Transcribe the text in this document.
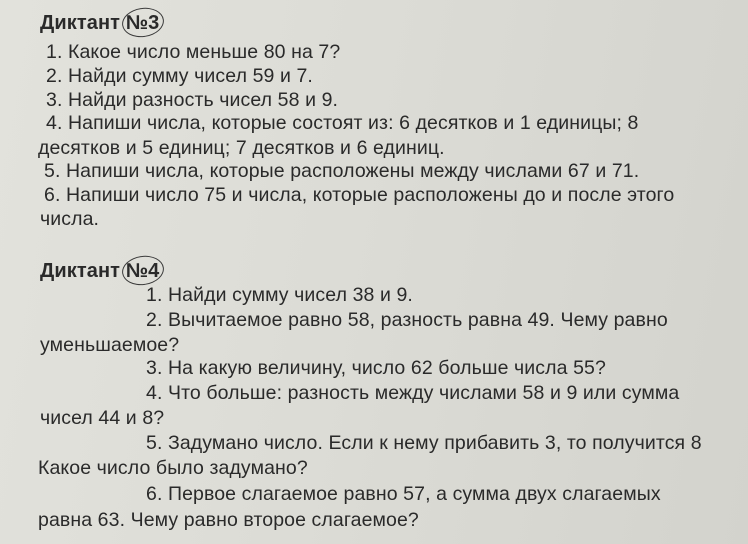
Диктант №3
1. Какое число меньше 80 на 7?
2. Найди сумму чисел 59 и 7.
3. Найди разность чисел 58 и 9.
4. Напиши числа, которые состоят из: 6 десятков и 1 единицы; 8
десятков и 5 единиц; 7 десятков и 6 единиц.
5. Напиши числа, которые расположены между числами 67 и 71.
6. Напиши число 75 и числа, которые расположены до и после этого
числа.
Диктант №4
1. Найди сумму чисел 38 и 9.
2. Вычитаемое равно 58, разность равна 49. Чему равно
уменьшаемое?
3. На какую величину, число 62 больше числа 55?
4. Что больше: разность между числами 58 и 9 или сумма
чисел 44 и 8?
5. Задумано число. Если к нему прибавить 3, то получится 8
Какое число было задумано?
6. Первое слагаемое равно 57, а сумма двух слагаемых
равна 63. Чему равно второе слагаемое?
